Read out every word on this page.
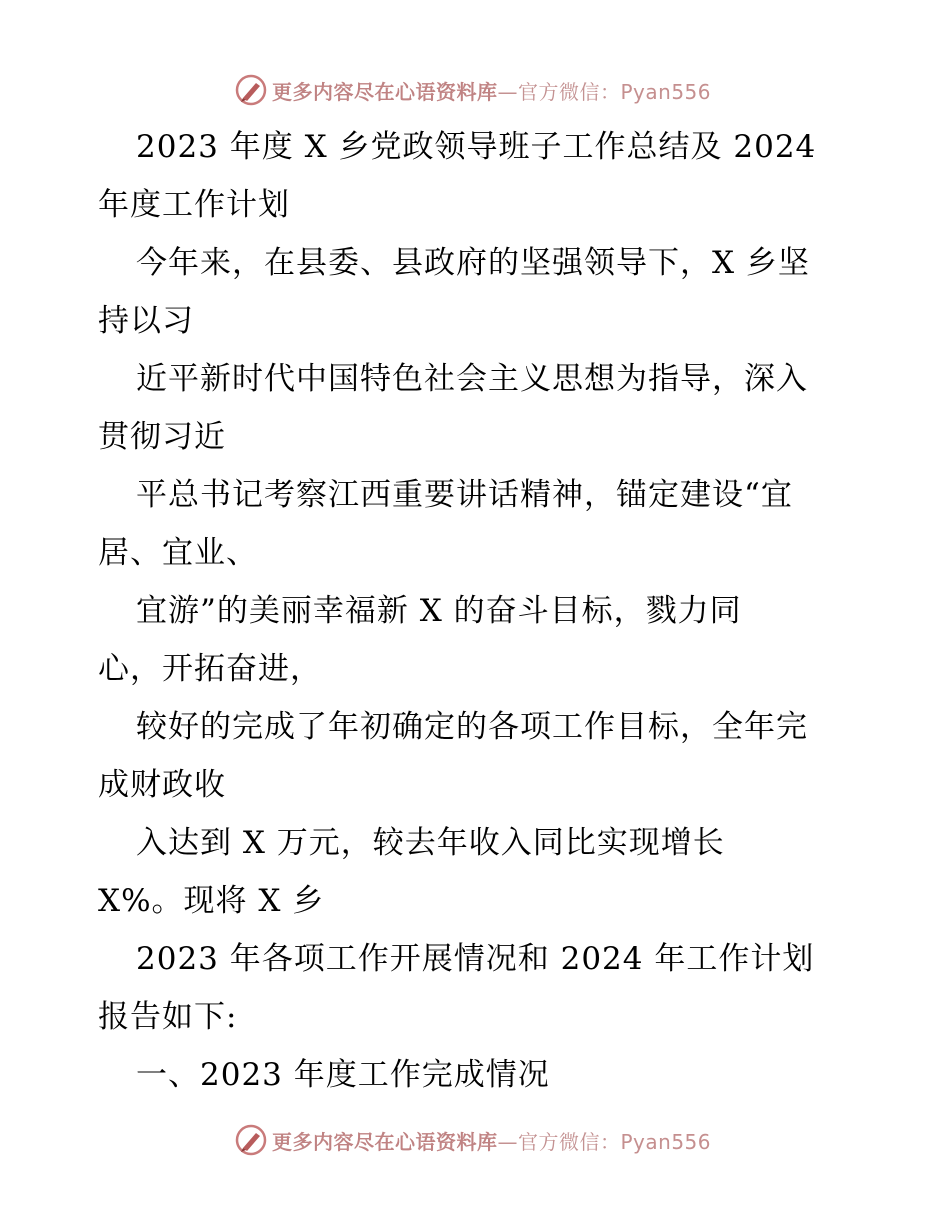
更多内容尽在心语资料库—官方微信：Pyan556
2023 年度 X 乡党政领导班子工作总结及 2024
年度工作计划
今年来，在县委、县政府的坚强领导下，X 乡坚
持以习
近平新时代中国特色社会主义思想为指导，深入
贯彻习近
平总书记考察江西重要讲话精神，锚定建设“宜
居、宜业、
宜游”的美丽幸福新 X 的奋斗目标，戮力同
心，开拓奋进，
较好的完成了年初确定的各项工作目标，全年完
成财政收
入达到 X 万元，较去年收入同比实现增长
X%。现将 X 乡
2023 年各项工作开展情况和 2024 年工作计划
报告如下:
一、2023 年度工作完成情况
更多内容尽在心语资料库—官方微信：Pyan556
